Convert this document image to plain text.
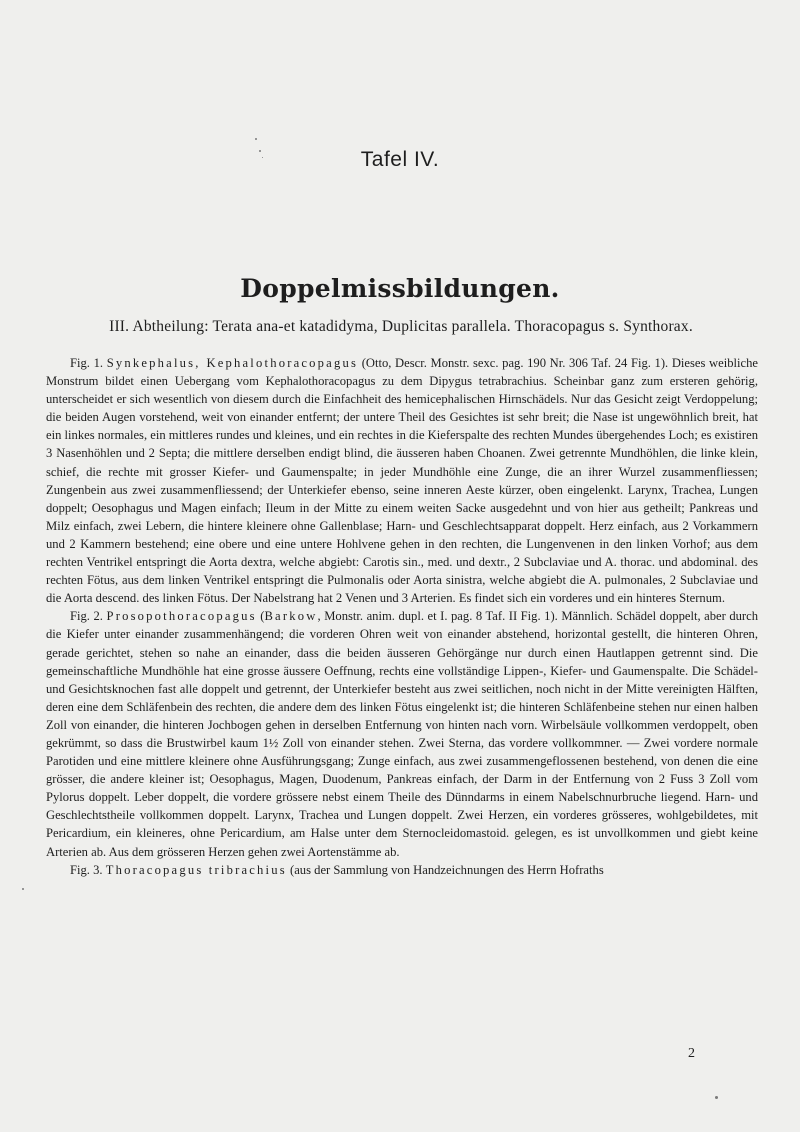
Tafel IV.
Doppelmissbildungen.
III. Abtheilung: Terata ana-et katadidyma, Duplicitas parallela. Thoracopagus s. Synthorax.

Fig. 1. Synkephalus, Kephalothoracopagus (Otto, Descr. Monstr. sexc. pag. 190 Nr. 306 Taf. 24 Fig. 1). Dieses weibliche Monstrum bildet einen Uebergang vom Kephalothoracopagus zu dem Dipygus tetrabrachius. Scheinbar ganz zum ersteren gehörig, unterscheidet er sich wesentlich von diesem durch die Einfachheit des hemicephalischen Hirnschädels. Nur das Gesicht zeigt Verdoppelung; die beiden Augen vorstehend, weit von einander entfernt; der untere Theil des Gesichtes ist sehr breit; die Nase ist ungewöhnlich breit, hat ein linkes normales, ein mittleres rundes und kleines, und ein rechtes in die Kieferspalte des rechten Mundes übergehendes Loch; es existiren 3 Nasenhöhlen und 2 Septa; die mittlere derselben endigt blind, die äusseren haben Choanen. Zwei getrennte Mundhöhlen, die linke klein, schief, die rechte mit grosser Kiefer- und Gaumenspalte; in jeder Mundhöhle eine Zunge, die an ihrer Wurzel zusammenfliessen; Zungenbein aus zwei zusammenfliessend; der Unterkiefer ebenso, seine inneren Aeste kürzer, oben eingelenkt. Larynx, Trachea, Lungen doppelt; Oesophagus und Magen einfach; Ileum in der Mitte zu einem weiten Sacke ausgedehnt und von hier aus getheilt; Pankreas und Milz einfach, zwei Lebern, die hintere kleinere ohne Gallenblase; Harn- und Geschlechtsapparat doppelt. Herz einfach, aus 2 Vorkammern und 2 Kammern bestehend; eine obere und eine untere Hohlvene gehen in den rechten, die Lungenvenen in den linken Vorhof; aus dem rechten Ventrikel entspringt die Aorta dextra, welche abgiebt: Carotis sin., med. und dextr., 2 Subclaviae und A. thorac. und abdominal. des rechten Fötus, aus dem linken Ventrikel entspringt die Pulmonalis oder Aorta sinistra, welche abgiebt die A. pulmonales, 2 Subclaviae und die Aorta descend. des linken Fötus. Der Nabelstrang hat 2 Venen und 3 Arterien. Es findet sich ein vorderes und ein hinteres Sternum.

Fig. 2. Prosopothoracopagus (Barkow, Monstr. anim. dupl. et I. pag. 8 Taf. II Fig. 1). Männlich. Schädel doppelt, aber durch die Kiefer unter einander zusammenhängend; die vorderen Ohren weit von einander abstehend, horizontal gestellt, die hinteren Ohren, gerade gerichtet, stehen so nahe an einander, dass die beiden äusseren Gehörgänge nur durch einen Hautlappen getrennt sind. Die gemeinschaftliche Mundhöhle hat eine grosse äussere Oeffnung, rechts eine vollständige Lippen-, Kiefer- und Gaumenspalte. Die Schädel- und Gesichtsknochen fast alle doppelt und getrennt, der Unterkiefer besteht aus zwei seitlichen, noch nicht in der Mitte vereinigten Hälften, deren eine dem Schläfenbein des rechten, die andere dem des linken Fötus eingelenkt ist; die hinteren Schläfenbeine stehen nur einen halben Zoll von einander, die hinteren Jochbogen gehen in derselben Entfernung von hinten nach vorn. Wirbelsäule vollkommen verdoppelt, oben gekrümmt, so dass die Brustwirbel kaum 1½ Zoll von einander stehen. Zwei Sterna, das vordere vollkommner. — Zwei vordere normale Parotiden und eine mittlere kleinere ohne Ausführungsgang; Zunge einfach, aus zwei zusammengeflossenen bestehend, von denen die eine grösser, die andere kleiner ist; Oesophagus, Magen, Duodenum, Pankreas einfach, der Darm in der Entfernung von 2 Fuss 3 Zoll vom Pylorus doppelt. Leber doppelt, die vordere grössere nebst einem Theile des Dünndarms in einem Nabelschnurbruche liegend. Harn- und Geschlechtstheile vollkommen doppelt. Larynx, Trachea und Lungen doppelt. Zwei Herzen, ein vorderes grösseres, wohlgebildetes, mit Pericardium, ein kleineres, ohne Pericardium, am Halse unter dem Sternocleidomastoid. gelegen, es ist unvollkommen und giebt keine Arterien ab. Aus dem grösseren Herzen gehen zwei Aortenstämme ab.

Fig. 3. Thoracopagus tribrachius (aus der Sammlung von Handzeichnungen des Herrn Hofraths

2
